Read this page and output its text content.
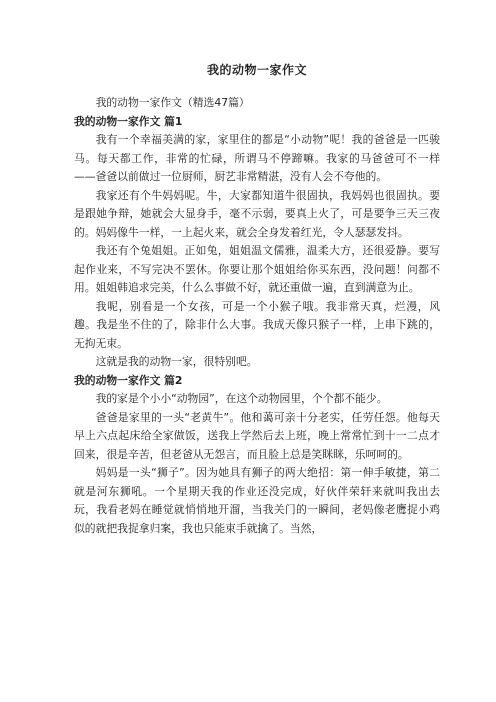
我的动物一家作文

我的动物一家作文（精选47篇）

我的动物一家作文 篇1

我有一个幸福美满的家，家里住的都是“小动物”呢！我的爸爸是一匹骏马。每天都工作，非常的忙碌，所谓马不停蹄嘛。我家的马爸爸可不一样——爸爸以前做过一位厨师，厨艺非常精湛，没有人会不夸他的。

我家还有个牛妈妈呢。牛，大家都知道牛很固执，我妈妈也很固执。要是跟她争辩，她就会大显身手，毫不示弱，要真上火了，可是要争三天三夜的。妈妈像牛一样，一上起火来，就会全身发着红光，令人瑟瑟发抖。

我还有个兔姐姐。正如兔，姐姐温文儒雅，温柔大方，还很爱静。要写起作业来，不写完决不罢休。你要让那个姐姐给你买东西，没问题！问都不用。姐姐韩追求完美，什么么事做不好，就还重做一遍，直到满意为止。

我呢，别看是一个女孩，可是一个小猴子哦。我非常天真，烂漫，风趣。我是坐不住的了，除非什么大事。我成天像只猴子一样，上串下跳的，无拘无束。

这就是我的动物一家，很特别吧。

我的动物一家作文 篇2

我的家是个小小“动物园”，在这个动物园里，个个都不能少。

爸爸是家里的一头“老黄牛”。他和蔼可亲十分老实，任劳任怨。他每天早上六点起床给全家做饭，送我上学然后去上班，晚上常常忙到十一二点才回来，很是辛苦，但老爸从无怨言，而且脸上总是笑眯眯，乐呵呵的。

妈妈是一头“狮子”。因为她具有狮子的两大绝招：第一伸手敏捷，第二就是河东狮吼。一个星期天我的作业还没完成，好伙伴荣轩来就叫我出去玩，我看老妈在睡觉就悄悄地开溜，当我关门的一瞬间，老妈像老鹰捉小鸡似的就把我捉拿归案，我也只能束手就擒了。当然，
